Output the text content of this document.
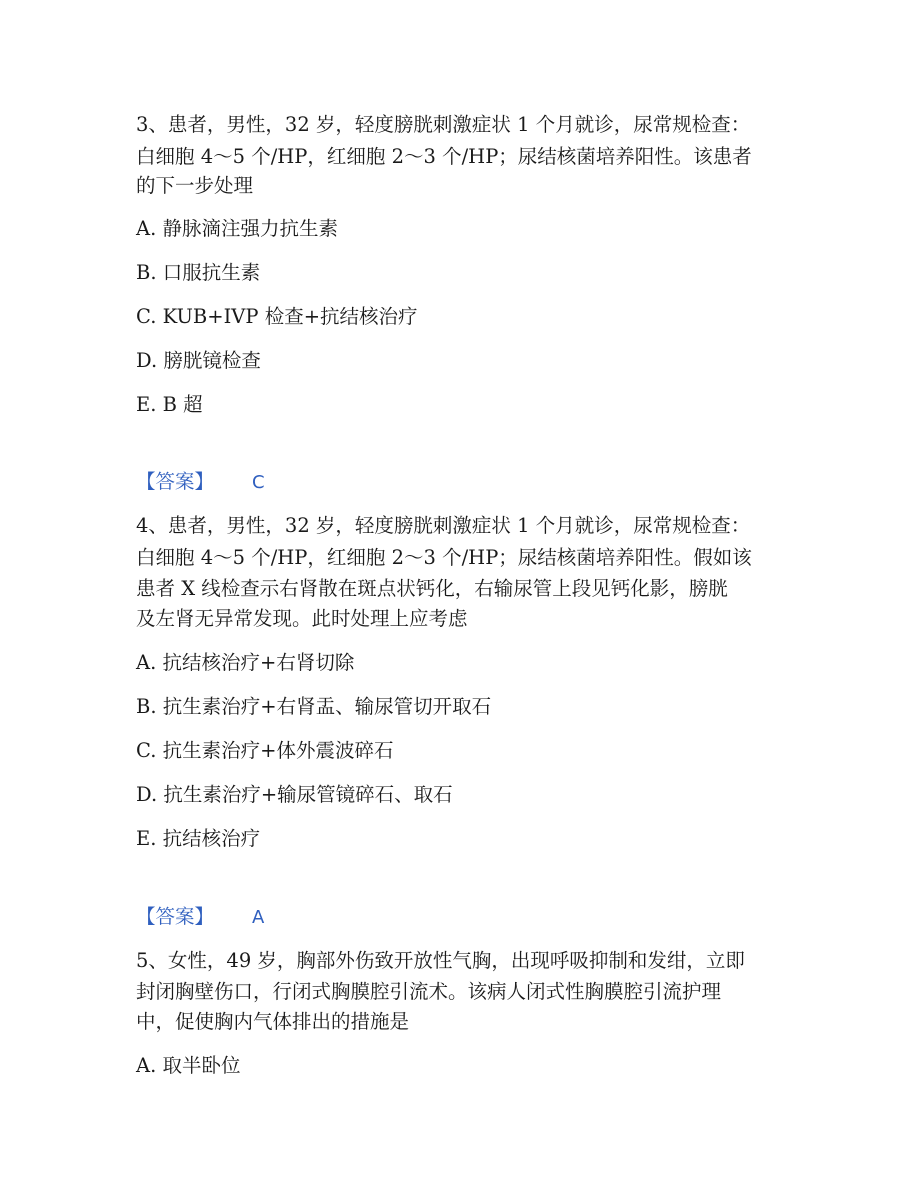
3、患者，男性，32 岁，轻度膀胱刺激症状 1 个月就诊，尿常规检查：
白细胞 4～5 个/HP，红细胞 2～3 个/HP；尿结核菌培养阳性。该患者
的下一步处理
A. 静脉滴注强力抗生素
B. 口服抗生素
C. KUB+IVP 检查+抗结核治疗
D. 膀胱镜检查
E. B 超
【答案】 C
4、患者，男性，32 岁，轻度膀胱刺激症状 1 个月就诊，尿常规检查：
白细胞 4～5 个/HP，红细胞 2～3 个/HP；尿结核菌培养阳性。假如该
患者 X 线检查示右肾散在斑点状钙化，右输尿管上段见钙化影，膀胱
及左肾无异常发现。此时处理上应考虑
A. 抗结核治疗+右肾切除
B. 抗生素治疗+右肾盂、输尿管切开取石
C. 抗生素治疗+体外震波碎石
D. 抗生素治疗+输尿管镜碎石、取石
E. 抗结核治疗
【答案】 A
5、女性，49 岁，胸部外伤致开放性气胸，出现呼吸抑制和发绀，立即
封闭胸壁伤口，行闭式胸膜腔引流术。该病人闭式性胸膜腔引流护理
中，促使胸内气体排出的措施是
A. 取半卧位
